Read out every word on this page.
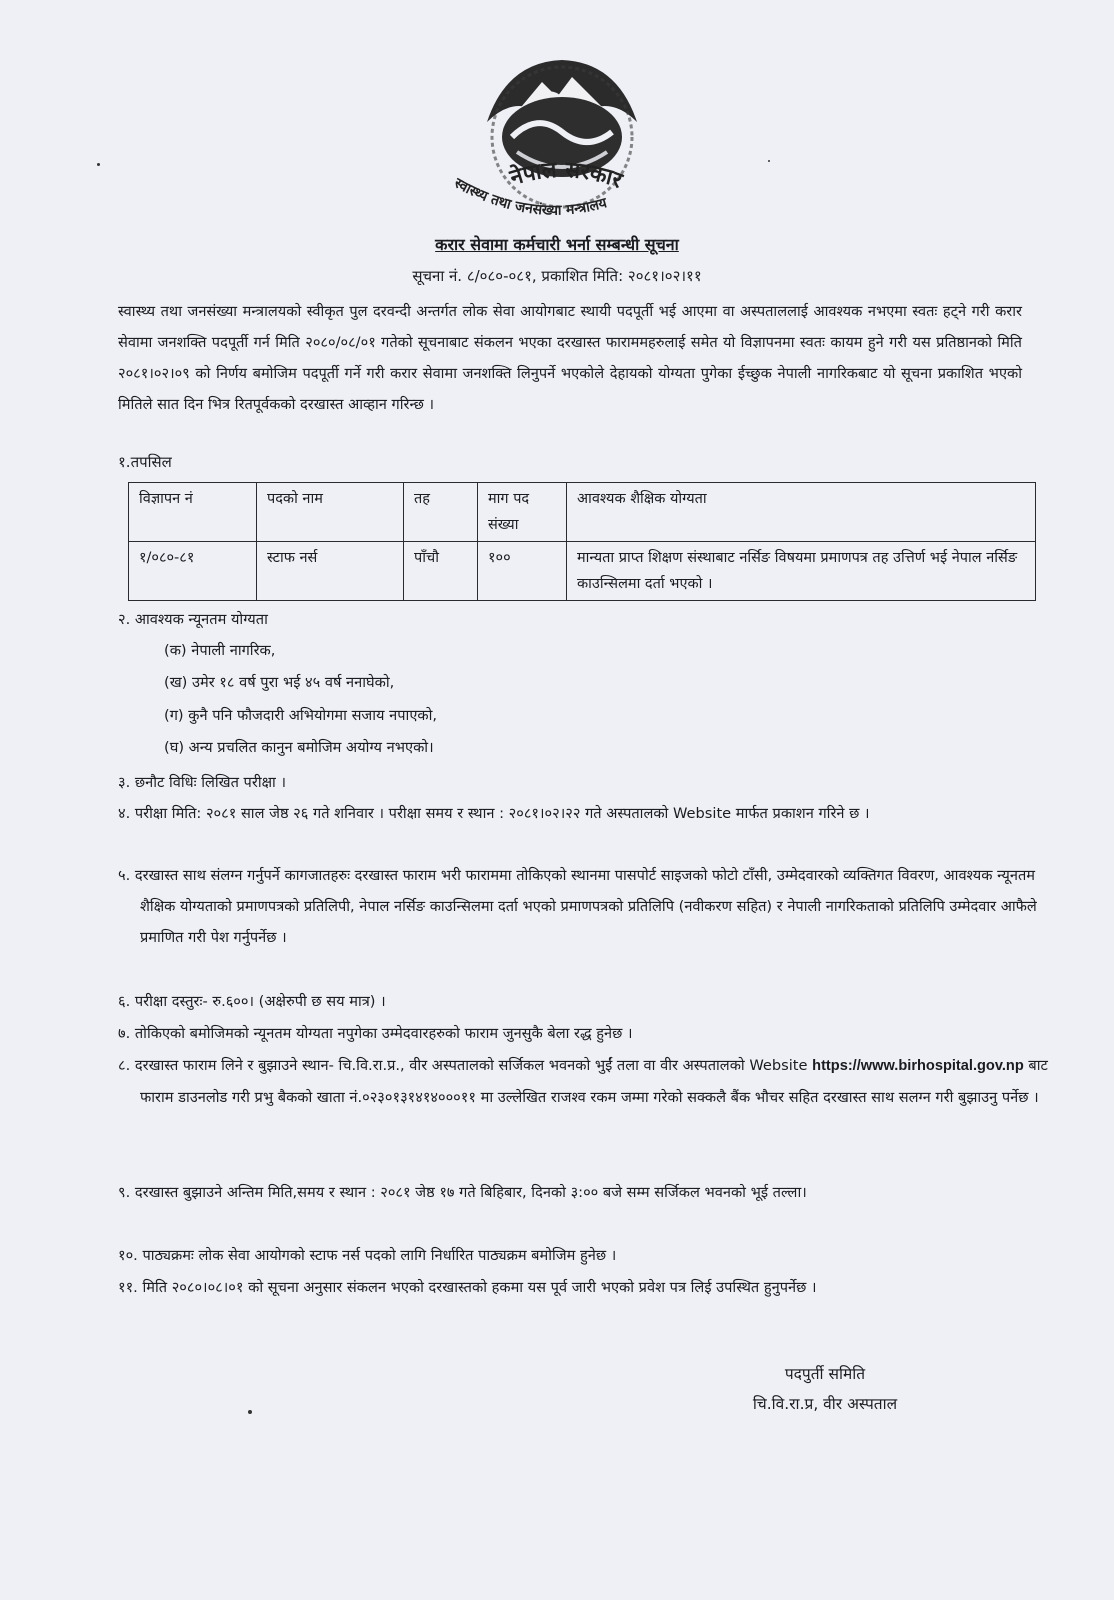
नेपाल सरकार
स्वास्थ्य तथा जनसंख्या मन्त्रालय
करार सेवामा कर्मचारी भर्ना सम्बन्धी सूचना
सूचना नं. ८/०८०-०८१, प्रकाशित मिति: २०८१।०२।११
स्वास्थ्य तथा जनसंख्या मन्त्रालयको स्वीकृत पुल दरवन्दी अन्तर्गत लोक सेवा आयोगबाट स्थायी पदपूर्ती भई आएमा वा अस्पताललाई आवश्यक नभएमा स्वतः हट्ने गरी करार सेवामा जनशक्ति पदपूर्ती गर्न मिति २०८०/०८/०१ गतेको सूचनाबाट संकलन भएका दरखास्त फाराममहरुलाई समेत यो विज्ञापनमा स्वतः कायम हुने गरी यस प्रतिष्ठानको मिति २०८१।०२।०९ को निर्णय बमोजिम पदपूर्ती गर्ने गरी करार सेवामा जनशक्ति लिनुपर्ने भएकोले देहायको योग्यता पुगेका ईच्छुक नेपाली नागरिकबाट यो सूचना प्रकाशित भएको मितिले सात दिन भित्र रितपूर्वकको दरखास्त आव्हान गरिन्छ ।
१.तपसिल
विज्ञापन नं	पदको नाम	तह	माग पद संख्या	आवश्यक शैक्षिक योग्यता
१/०८०-८१	स्टाफ नर्स	पाँचौ	१००	मान्यता प्राप्त शिक्षण संस्थाबाट नर्सिङ विषयमा प्रमाणपत्र तह उत्तिर्ण भई नेपाल नर्सिङ काउन्सिलमा दर्ता भएको ।
२. आवश्यक न्यूनतम योग्यता
(क) नेपाली नागरिक,
(ख) उमेर १८ वर्ष पुरा भई ४५ वर्ष ननाघेको,
(ग) कुनै पनि फौजदारी अभियोगमा सजाय नपाएको,
(घ) अन्य प्रचलित कानुन बमोजिम अयोग्य नभएको।
३. छनौट विधिः लिखित परीक्षा ।
४. परीक्षा मिति: २०८१ साल जेष्ठ २६ गते शनिवार । परीक्षा समय र स्थान : २०८१।०२।२२ गते अस्पतालको Website मार्फत प्रकाशन गरिने छ ।
५. दरखास्त साथ संलग्न गर्नुपर्ने कागजातहरुः दरखास्त फाराम भरी फाराममा तोकिएको स्थानमा पासपोर्ट साइजको फोटो टाँसी, उम्मेदवारको व्यक्तिगत विवरण, आवश्यक न्यूनतम शैक्षिक योग्यताको प्रमाणपत्रको प्रतिलिपी, नेपाल नर्सिङ काउन्सिलमा दर्ता भएको प्रमाणपत्रको प्रतिलिपि (नवीकरण सहित) र नेपाली नागरिकताको प्रतिलिपि उम्मेदवार आफैले प्रमाणित गरी पेश गर्नुपर्नेछ ।
६. परीक्षा दस्तुरः- रु.६००। (अक्षेरुपी छ सय मात्र) ।
७. तोकिएको बमोजिमको न्यूनतम योग्यता नपुगेका उम्मेदवारहरुको फाराम जुनसुकै बेला रद्ध हुनेछ ।
८. दरखास्त फाराम लिने र बुझाउने स्थान- चि.वि.रा.प्र., वीर अस्पतालको सर्जिकल भवनको भुईं तला वा वीर अस्पतालको Website https://www.birhospital.gov.np बाट फाराम डाउनलोड गरी प्रभु बैकको खाता नं.०२३०१३१४१४०००११ मा उल्लेखित राजश्व रकम जम्मा गरेको सक्कलै बैंक भौचर सहित दरखास्त साथ सलग्न गरी बुझाउनु पर्नेछ ।
९. दरखास्त बुझाउने अन्तिम मिति,समय र स्थान : २०८१ जेष्ठ १७ गते बिहिबार, दिनको ३:०० बजे सम्म सर्जिकल भवनको भूई तल्ला।
१०. पाठ्यक्रमः लोक सेवा आयोगको स्टाफ नर्स पदको लागि निर्धारित पाठ्यक्रम बमोजिम हुनेछ ।
११. मिति २०८०।०८।०१ को सूचना अनुसार संकलन भएको दरखास्तको हकमा यस पूर्व जारी भएको प्रवेश पत्र लिई उपस्थित हुनुपर्नेछ ।
पदपुर्ती समिति
चि.वि.रा.प्र, वीर अस्पताल
